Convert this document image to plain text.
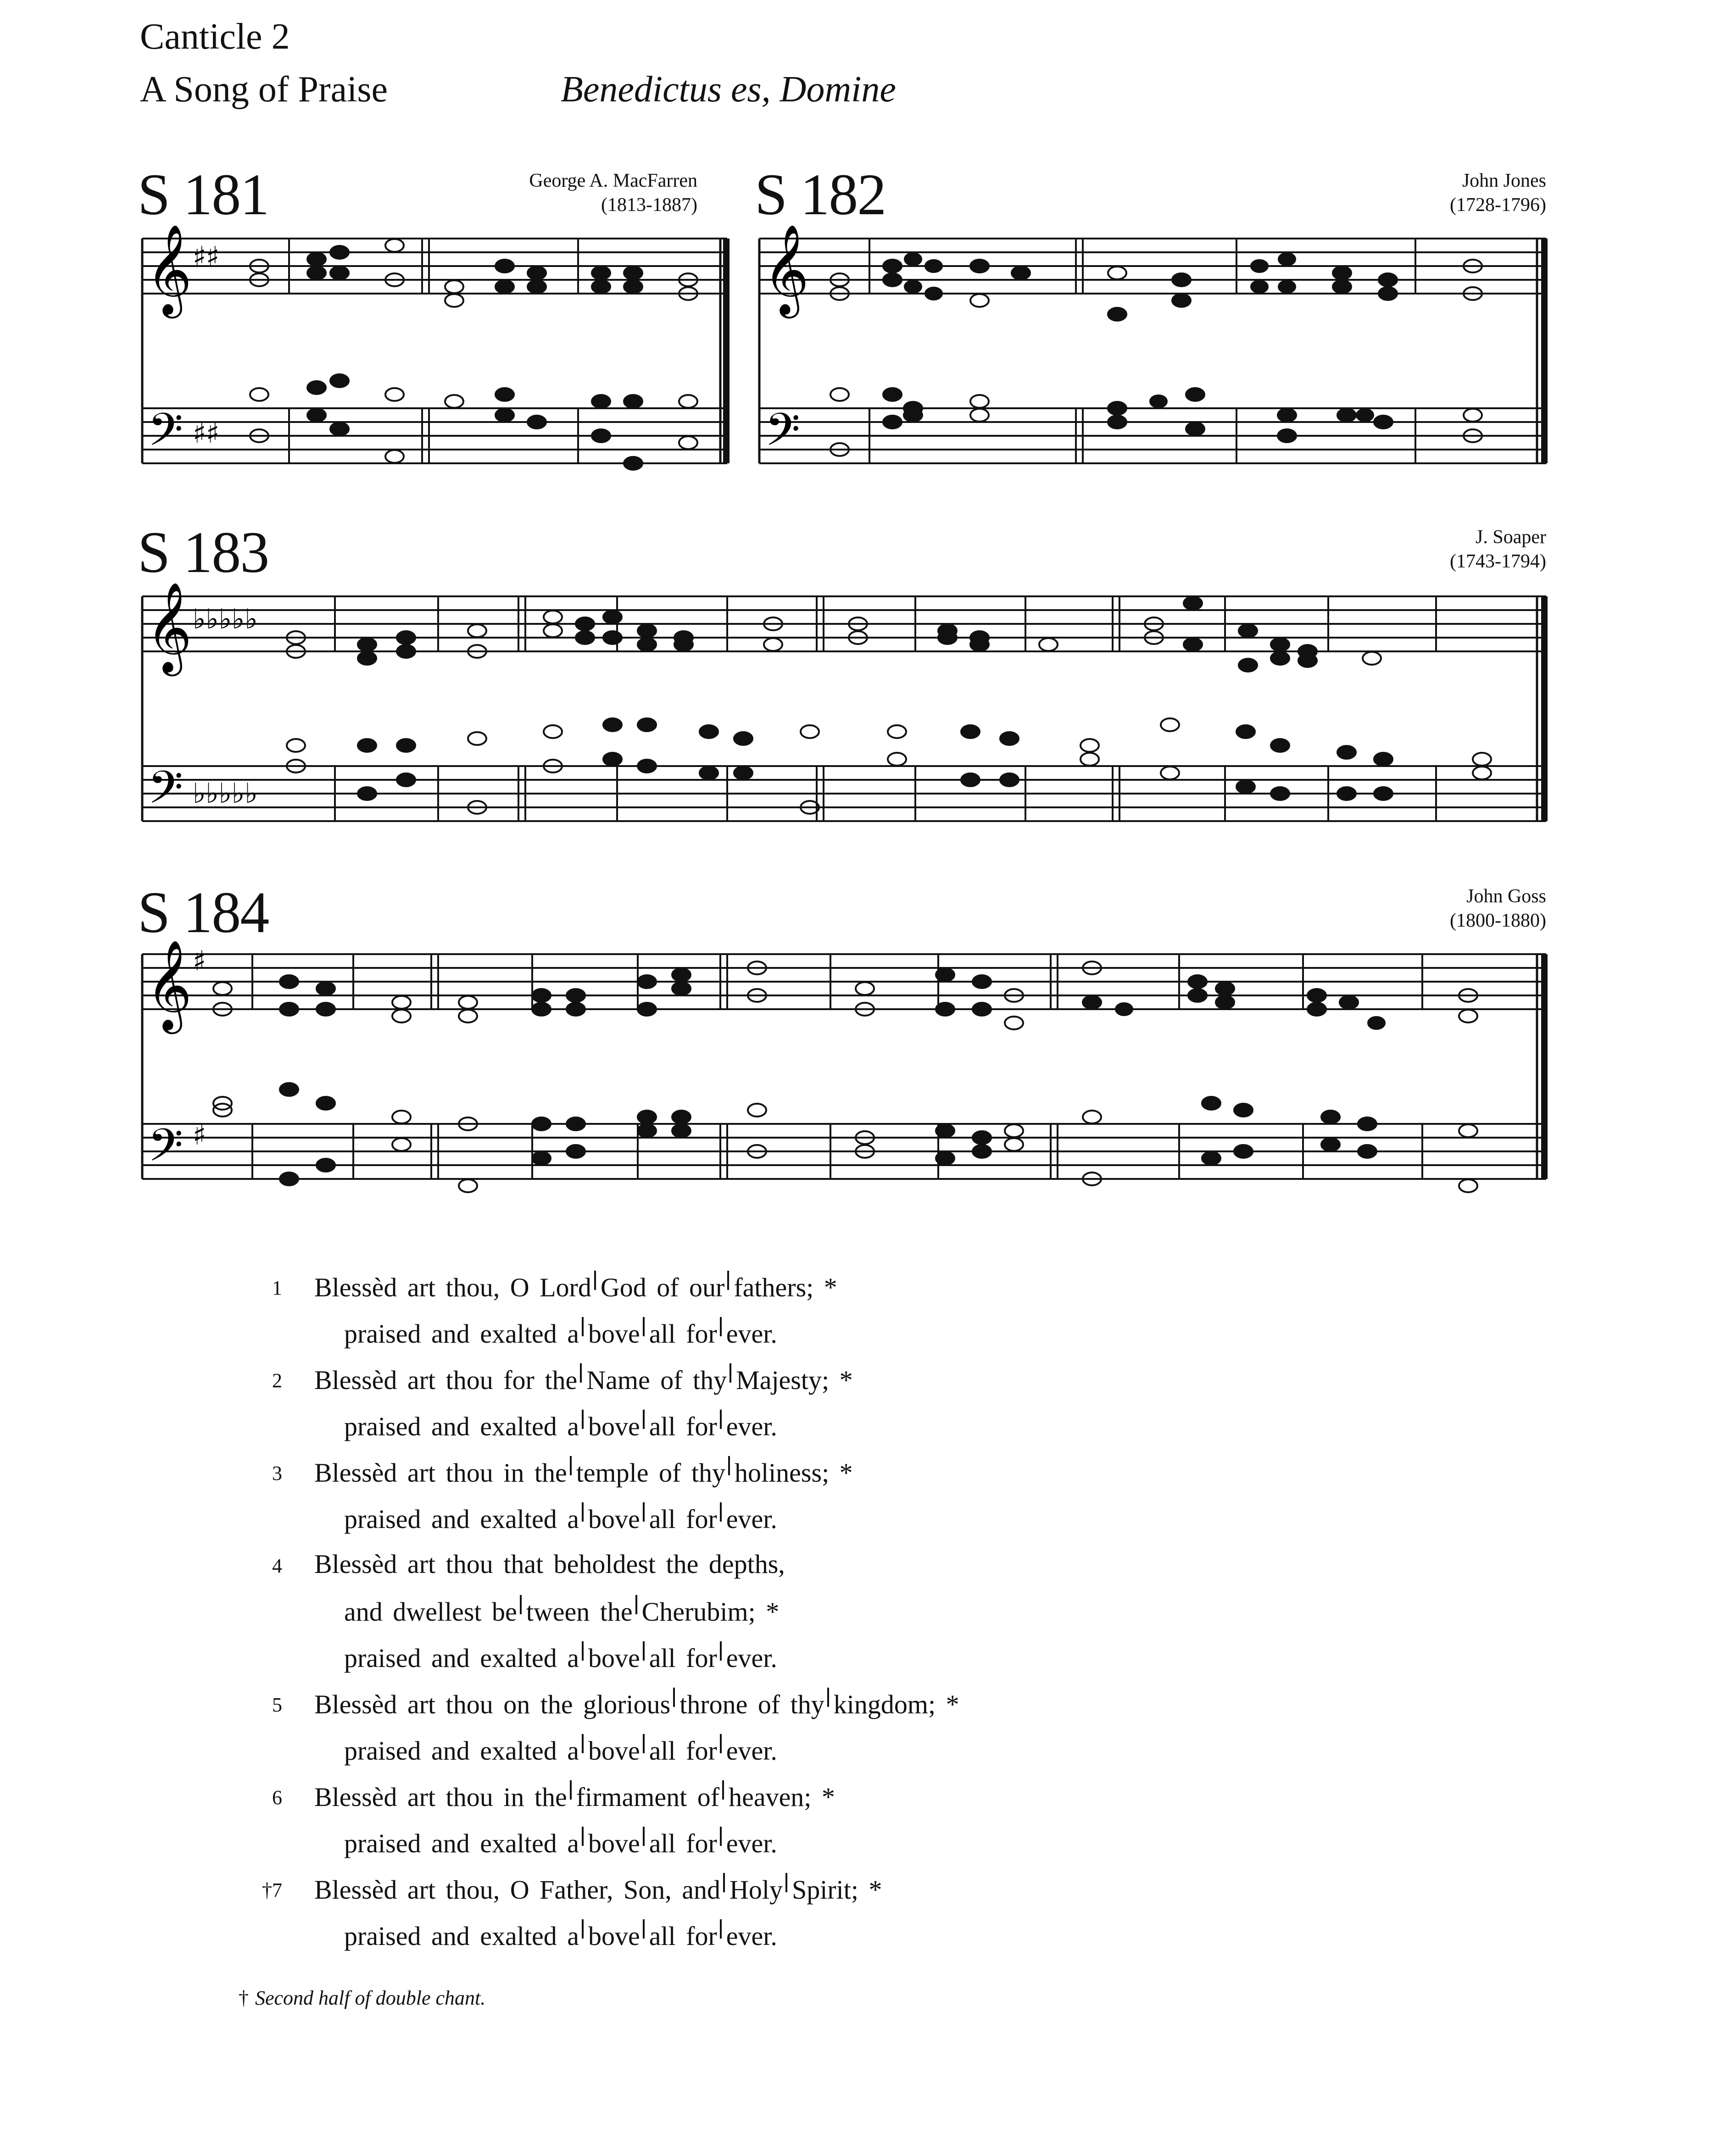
Canticle 2
A Song of Praise	Benedictus es, Domine
S 181	George A. MacFarren
(1813-1887)
𝄞
𝄢
♯♯
♯♯
S 182	John Jones
(1728-1796)
𝄞
𝄢
S 183	J. Soaper
(1743-1794)
𝄞
𝄢
♭♭♭♭♭
♭♭♭♭♭
S 184	John Goss
(1800-1880)
𝄞
𝄢
♯
♯
1 Blessèd art thou, O Lord God of our fathers; *
praised and exalted a bove all for ever.
2 Blessèd art thou for the Name of thy Majesty; *
praised and exalted a bove all for ever.
3 Blessèd art thou in the temple of thy holiness; *
praised and exalted a bove all for ever.
4 Blessèd art thou that beholdest the depths,
and dwellest be tween the Cherubim; *
praised and exalted a bove all for ever.
5 Blessèd art thou on the glorious throne of thy kingdom; *
praised and exalted a bove all for ever.
6 Blessèd art thou in the firmament of heaven; *
praised and exalted a bove all for ever.
†7 Blessèd art thou, O Father, Son, and Holy Spirit; *
praised and exalted a bove all for ever.
† Second half of double chant.
